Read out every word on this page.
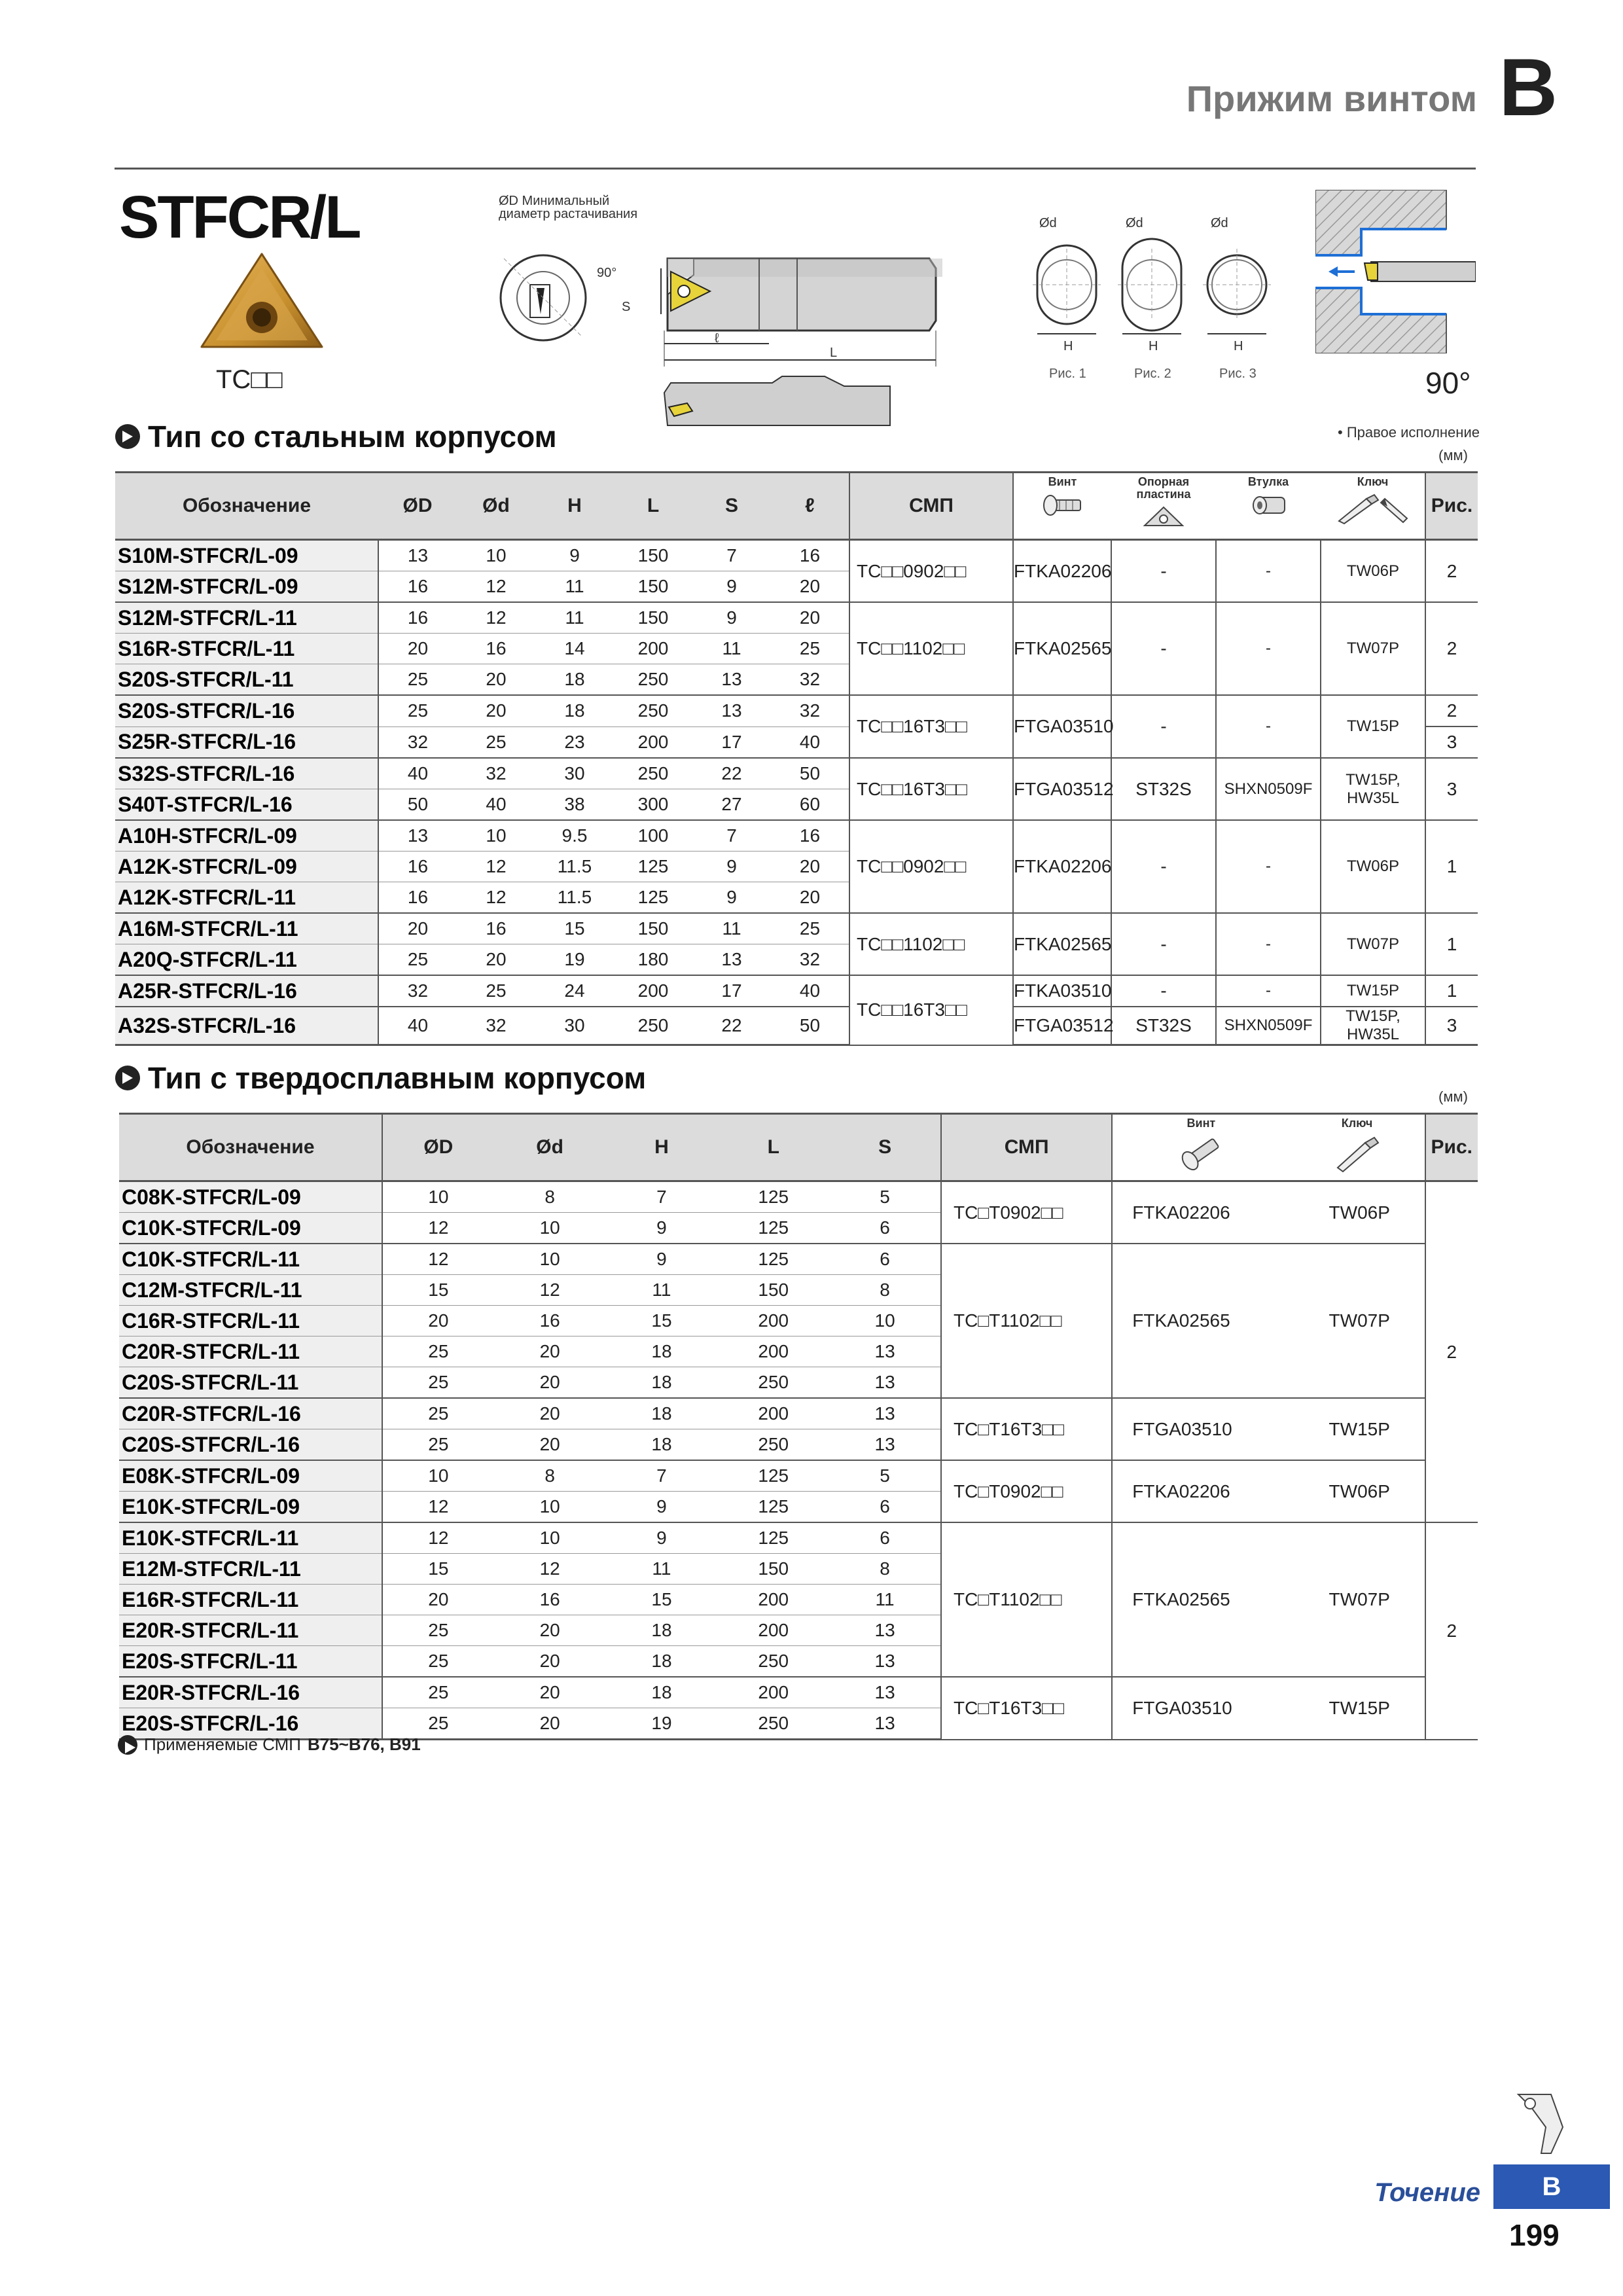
Прижим винтом B
STFCR/L
TC□□
ØD Минимальный
диаметр растачивания
90°
S
ℓ
L
Ød	Ød	Ød
H	H	H
Рис. 1	Рис. 2	Рис. 3	90°
Тип со стальным корпусом	• Правое исполнение
(мм)
Обозначение	ØD	Ød	H	L	S	ℓ	СМП	Винт	Опорная пластина	Втулка	Ключ	Рис.
S10M-STFCR/L-09	13	10	9	150	7	16	TC□□0902□□	FTKA02206	-	-	TW06P	2
S12M-STFCR/L-09	16	12	11	150	9	20						
S12M-STFCR/L-11	16	12	11	150	9	20	TC□□1102□□	FTKA02565	-	-	TW07P	2
S16R-STFCR/L-11	20	16	14	200	11	25						
S20S-STFCR/L-11	25	20	18	250	13	32						
S20S-STFCR/L-16	25	20	18	250	13	32	TC□□16T3□□	FTGA03510	-	-	TW15P	2
S25R-STFCR/L-16	32	25	23	200	17	40						3
S32S-STFCR/L-16	40	32	30	250	22	50	TC□□16T3□□	FTGA03512	ST32S	SHXN0509F	TW15P, HW35L	3
S40T-STFCR/L-16	50	40	38	300	27	60						
A10H-STFCR/L-09	13	10	9.5	100	7	16	TC□□0902□□	FTKA02206	-	-	TW06P	1
A12K-STFCR/L-09	16	12	11.5	125	9	20						
A12K-STFCR/L-11	16	12	11.5	125	9	20						
A16M-STFCR/L-11	20	16	15	150	11	25	TC□□1102□□	FTKA02565	-	-	TW07P	1
A20Q-STFCR/L-11	25	20	19	180	13	32						
A25R-STFCR/L-16	32	25	24	200	17	40	TC□□16T3□□	FTKA03510	-	-	TW15P	1
A32S-STFCR/L-16	40	32	30	250	22	50		FTGA03512	ST32S	SHXN0509F	TW15P, HW35L	3
Тип с твердосплавным корпусом
(мм)
Обозначение	ØD	Ød	H	L	S	СМП	Винт	Ключ	Рис.
C08K-STFCR/L-09	10	8	7	125	5	TC□T0902□□	FTKA02206	TW06P	2
C10K-STFCR/L-09	12	10	9	125	6				
C10K-STFCR/L-11	12	10	9	125	6	TC□T1102□□	FTKA02565	TW07P	
C12M-STFCR/L-11	15	12	11	150	8				
C16R-STFCR/L-11	20	16	15	200	10				
C20R-STFCR/L-11	25	20	18	200	13				
C20S-STFCR/L-11	25	20	18	250	13				
C20R-STFCR/L-16	25	20	18	200	13	TC□T16T3□□	FTGA03510	TW15P	
C20S-STFCR/L-16	25	20	18	250	13				
E08K-STFCR/L-09	10	8	7	125	5	TC□T0902□□	FTKA02206	TW06P	
E10K-STFCR/L-09	12	10	9	125	6				
E10K-STFCR/L-11	12	10	9	125	6	TC□T1102□□	FTKA02565	TW07P	2
E12M-STFCR/L-11	15	12	11	150	8				
E16R-STFCR/L-11	20	16	15	200	11				
E20R-STFCR/L-11	25	20	18	200	13				
E20S-STFCR/L-11	25	20	18	250	13				
E20R-STFCR/L-16	25	20	18	200	13	TC□T16T3□□	FTGA03510	TW15P	
E20S-STFCR/L-16	25	20	19	250	13				
Применяемые СМП B75~B76, B91
Точение	B
199
